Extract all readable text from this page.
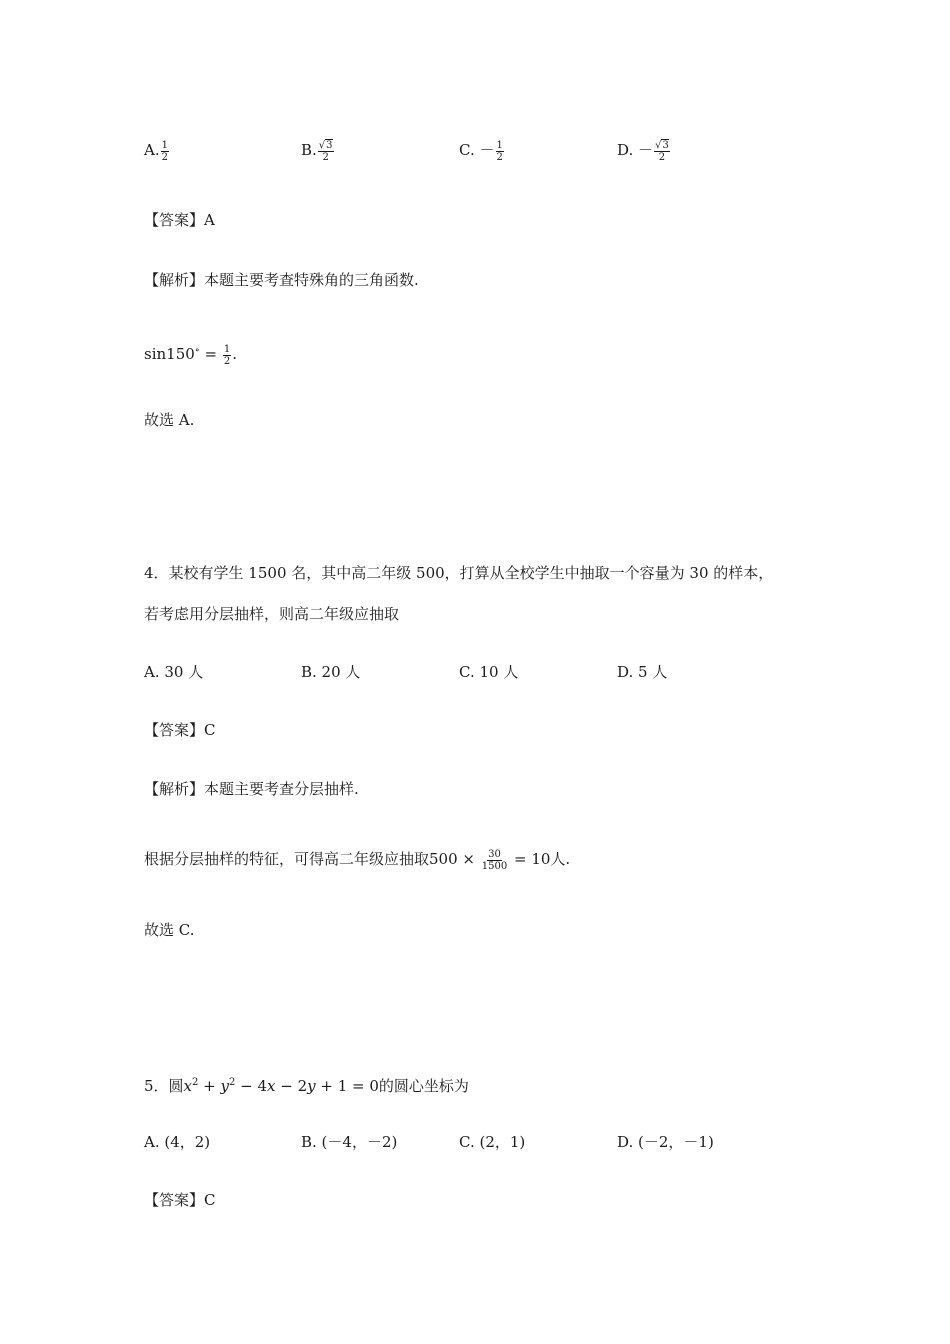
A. $\frac{1}{2}$	B. $\frac{√3}{2}$	C. － $\frac{1}{2}$	D. － $\frac{√3}{2}$
【答案】A
【解析】本题主要考查特殊角的三角函数.
$\sin 150^\circ = \frac{1}{2}$ .
故选 A.
4．某校有学生 1500 名，其中高二年级 500，打算从全校学生中抽取一个容量为 30 的样本，
若考虑用分层抽样，则高二年级应抽取
A. 30 人	B. 20 人	C. 10 人	D. 5 人
【答案】C
【解析】本题主要考查分层抽样.
根据分层抽样的特征，可得高二年级应抽取$500 \times \frac{30}{1500} = 10$人.
故选 C.
5．圆$x^2 + y^2 - 4x - 2y + 1 = 0$的圆心坐标为
A. (4，2)	B. (－4，－2)	C. (2，1)	D. (－2，－1)
【答案】C
